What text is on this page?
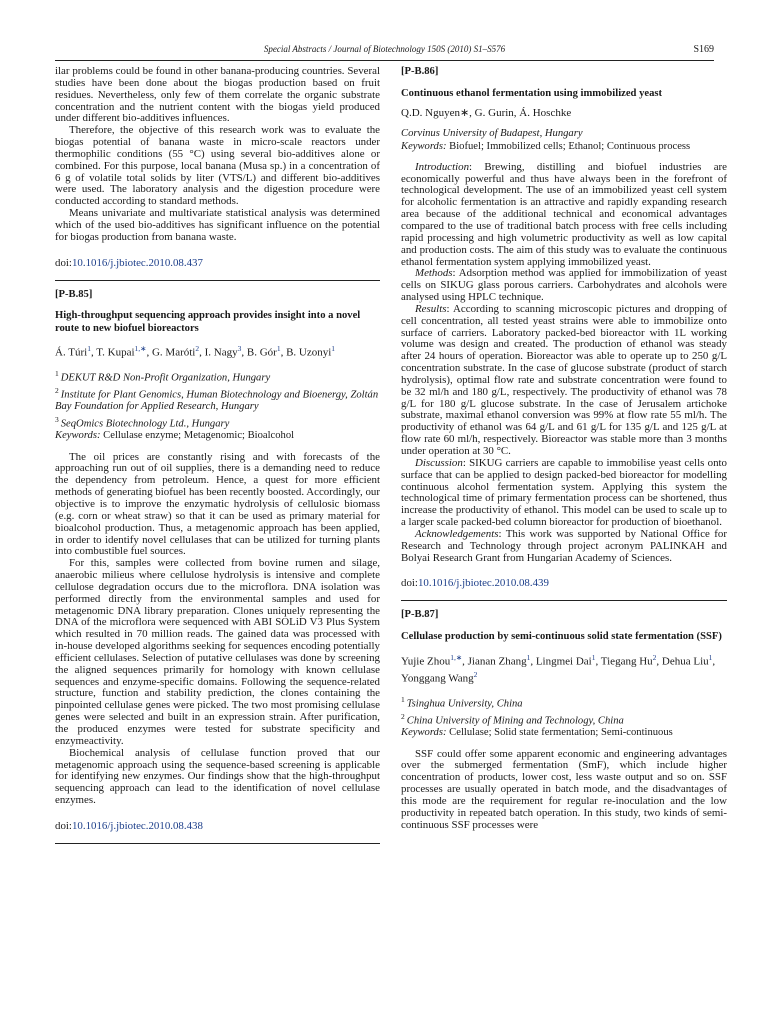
Special Abstracts / Journal of Biotechnology 150S (2010) S1–S576	S169

ilar problems could be found in other banana-producing countries. Several studies have been done about the biogas production based on fruit residues. Nevertheless, only few of them correlate the organic substrate concentration and the nutrient content with the biogas yield produced under different bio-additives influences.

Therefore, the objective of this research work was to evaluate the biogas potential of banana waste in micro-scale reactors under thermophilic conditions (55 °C) using several bio-additives alone or combined. For this purpose, local banana (Musa sp.) in a concentration of 6 g of volatile total solids by liter (VTS/L) and different bio-additives were used. The laboratory analysis and the digestion procedure were conducted according to standard methods.

Means univariate and multivariate statistical analysis was determined which of the used bio-additives has significant influence on the potential for biogas production from banana waste.

doi:10.1016/j.jbiotec.2010.08.437
[P-B.85]
High-throughput sequencing approach provides insight into a novel route to new biofuel bioreactors
Á. Túri$^1$, T. Kupai$^{1,∗}$, G. Maróti$^2$, I. Nagy$^3$, B. Gór$^1$, B. Uzonyi$^1$
$^1$ DEKUT R&D Non-Profit Organization, Hungary
$^2$ Institute for Plant Genomics, Human Biotechnology and Bioenergy, Zoltán Bay Foundation for Applied Research, Hungary
$^3$ SeqOmics Biotechnology Ltd., Hungary
Keywords: Cellulase enzyme; Metagenomic; Bioalcohol

The oil prices are constantly rising and with forecasts of the approaching run out of oil supplies, there is a demanding need to reduce the dependency from petroleum. Hence, a quest for more efficient methods of generating biofuel has been recently boosted. Accordingly, our objective is to improve the enzymatic hydrolysis of cellulosic biomass (e.g. corn or wheat straw) so that it can be used as primary material for bioalcohol production. Thus, a metagenomic approach has been applied, in order to identify novel cellulases that can be utilized for turning plants into combustible fuel sources.

For this, samples were collected from bovine rumen and silage, anaerobic milieus where cellulose hydrolysis is intensive and complete cellulose degradation occurs due to the microflora. DNA isolation was performed directly from the environmental samples and used for metagenomic DNA library preparation. Clones uniquely representing the DNA of the microflora were sequenced with ABI SOLiD V3 Plus System which resulted in 70 million reads. The gained data was processed with in-house developed algorithms seeking for sequences encoding potentially efficient cellulases. Selection of putative cellulases was done by screening the aligned sequences primarily for homology with known cellulase sequences and enzyme-specific domains. Following the sequence-related structure, function and stability prediction, the clones containing the pinpointed cellulase genes were picked. The two most promising cellulase genes were selected and built in an expression strain. After purification, the produced enzymes were tested for substrate specificity and enzymeactivity.

Biochemical analysis of cellulase function proved that our metagenomic approach using the sequence-based screening is applicable for identifying new enzymes. Our findings show that the high-throughput sequencing approach can lead to the identification of novel cellulase enzymes.

doi:10.1016/j.jbiotec.2010.08.438
[P-B.86]
Continuous ethanol fermentation using immobilized yeast
Q.D. Nguyen∗, G. Gurin, Á. Hoschke
Corvinus University of Budapest, Hungary
Keywords: Biofuel; Immobilized cells; Ethanol; Continuous process

Introduction: Brewing, distilling and biofuel industries are economically powerful and thus have always been in the forefront of technological development. The use of an immobilized yeast cell system for alcoholic fermentation is an attractive and rapidly expanding research area because of the additional technical and economical advantages compared to the use of traditional batch process with free cells including rapid processing and high volumetric productivity as well as low capital and production costs. The aim of this study was to evaluate the continuous ethanol fermentation system applying immobilized yeast.

Methods: Adsorption method was applied for immobilization of yeast cells on SIKUG glass porous carriers. Carbohydrates and alcohols were analysed using HPLC technique.

Results: According to scanning microscopic pictures and dropping of cell concentration, all tested yeast strains were able to immobilize onto surface of carriers. Laboratory packed-bed bioreactor with 1L working volume was design and created. The production of ethanol was steady after 24 hours of operation. Bioreactor was able to operate up to 250 g/L concentration substrate. In the case of glucose substrate (product of starch hydrolysis), optimal flow rate and substrate concentration were found to be 32 ml/h and 180 g/L, respectively. The productivity of ethanol was 78 g/L for 180 g/L glucose substrate. In the case of Jerusalem artichoke substrate, maximal ethanol conversion was 99% at flow rate 55 ml/h. The productivity of ethanol was 64 g/L and 61 g/L for 135 g/L and 125 g/L at flow rate 60 ml/h, respectively. Bioreactor was stable more than 3 months under operation at 30 °C.

Discussion: SIKUG carriers are capable to immobilise yeast cells onto surface that can be applied to design packed-bed bioreactor for modelling continuous alcohol fermentation system. Applying this system the technological time of primary fermentation process can be shortened, thus increase the productivity of ethanol. This model can be used to scale up to a larger scale packed-bed column bioreactor for production of bioethanol.

Acknowledgements: This work was supported by National Office for Research and Technology through project acronym PALINKAH and Bolyai Research Grant from Hungarian Academy of Sciences.

doi:10.1016/j.jbiotec.2010.08.439
[P-B.87]
Cellulase production by semi-continuous solid state fermentation (SSF)
Yujie Zhou$^{1,∗}$, Jianan Zhang$^1$, Lingmei Dai$^1$, Tiegang Hu$^2$, Dehua Liu$^1$, Yonggang Wang$^2$
$^1$ Tsinghua University, China
$^2$ China University of Mining and Technology, China
Keywords: Cellulase; Solid state fermentation; Semi-continuous

SSF could offer some apparent economic and engineering advantages over the submerged fermentation (SmF), which include higher concentration of products, lower cost, less waste output and so on. SSF processes are usually operated in batch mode, and the disadvantages of this mode are the requirement for regular re-inoculation and the low productivity in repeated batch operation. In this study, two kinds of semi-continuous SSF processes were
